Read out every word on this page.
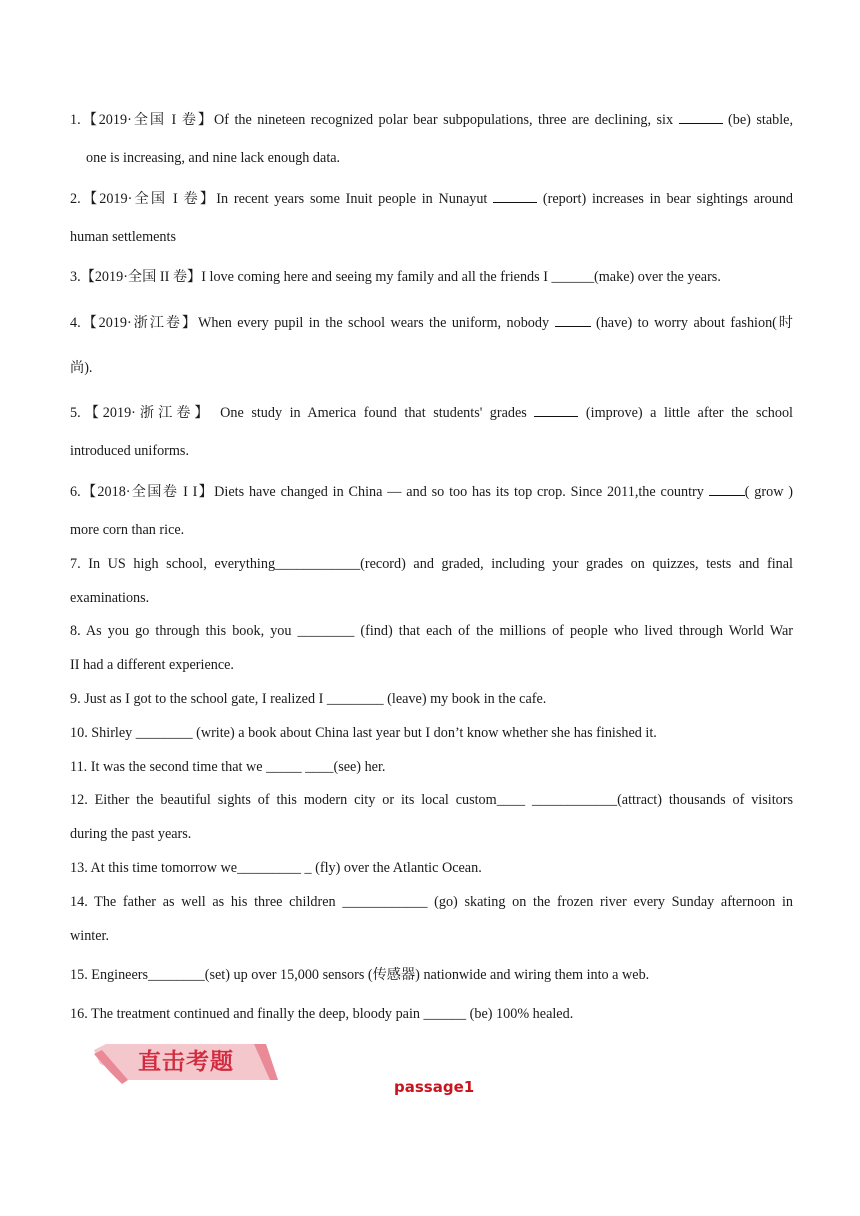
1.【2019·全国 I 卷】Of the nineteen recognized polar bear subpopulations, three are declining, six	(be) stable,
one is increasing, and nine lack enough data.
2.【2019·全国 I 卷】In recent years some Inuit people in Nunayut	(report) increases in bear sightings around
human settlements
3.【2019·全国 II 卷】I love coming here and seeing my family and all the friends I ______(make) over the years.
4.【2019·浙江卷】When every pupil in the school wears the uniform, nobody	(have) to worry about fashion(时
尚).
5.【2019·浙江卷】 One study in America found that students' grades	(improve) a little after the school
introduced uniforms.
6.【2018·全国卷 I I】Diets have changed in China — and so too has its top crop. Since 2011,the country	( grow )
more corn than rice.
7. In US high school, everything____________(record) and graded, including your grades on quizzes, tests and final
examinations.
8. As you go through this book, you ________ (find) that each of the millions of people who lived through World War
II had a different experience.
9. Just as I got to the school gate, I realized I ________ (leave) my book in the cafe.
10. Shirley ________ (write) a book about China last year but I don’t know whether she has finished it.
11. It was the second time that we _____ ____(see) her.
12. Either the beautiful sights of this modern city or its local custom____ ____________(attract) thousands of visitors
during the past years.
13. At this time tomorrow we_________ _ (fly) over the Atlantic Ocean.
14. The father as well as his three children ____________ (go) skating on the frozen river every Sunday afternoon in
winter.
15. Engineers________(set) up over 15,000 sensors (传感器) nationwide and wiring them into a web.
16. The treatment continued and finally the deep, bloody pain ______ (be) 100% healed.
直击考题
passage1
